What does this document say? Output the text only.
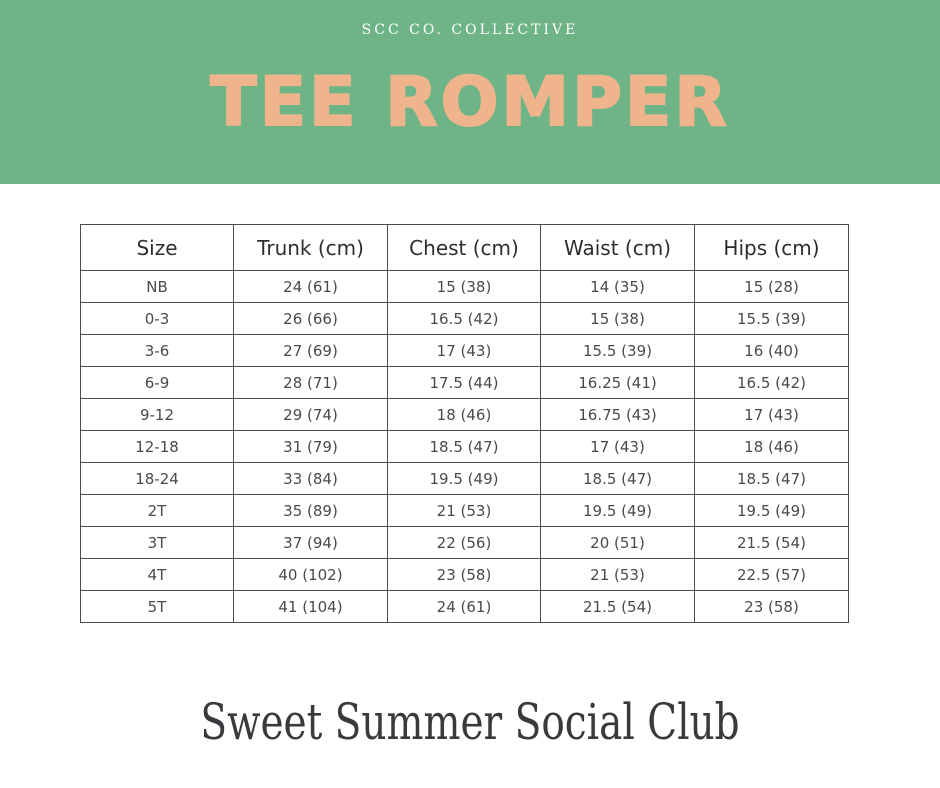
SCC CO. COLLECTIVE
TEE ROMPER
Size	Trunk (cm)	Chest (cm)	Waist (cm)	Hips (cm)
NB	24 (61)	15 (38)	14 (35)	15 (28)
0-3	26 (66)	16.5 (42)	15 (38)	15.5 (39)
3-6	27 (69)	17 (43)	15.5 (39)	16 (40)
6-9	28 (71)	17.5 (44)	16.25 (41)	16.5 (42)
9-12	29 (74)	18 (46)	16.75 (43)	17 (43)
12-18	31 (79)	18.5 (47)	17 (43)	18 (46)
18-24	33 (84)	19.5 (49)	18.5 (47)	18.5 (47)
2T	35 (89)	21 (53)	19.5 (49)	19.5 (49)
3T	37 (94)	22 (56)	20 (51)	21.5 (54)
4T	40 (102)	23 (58)	21 (53)	22.5 (57)
5T	41 (104)	24 (61)	21.5 (54)	23 (58)
Sweet Summer Social Club
